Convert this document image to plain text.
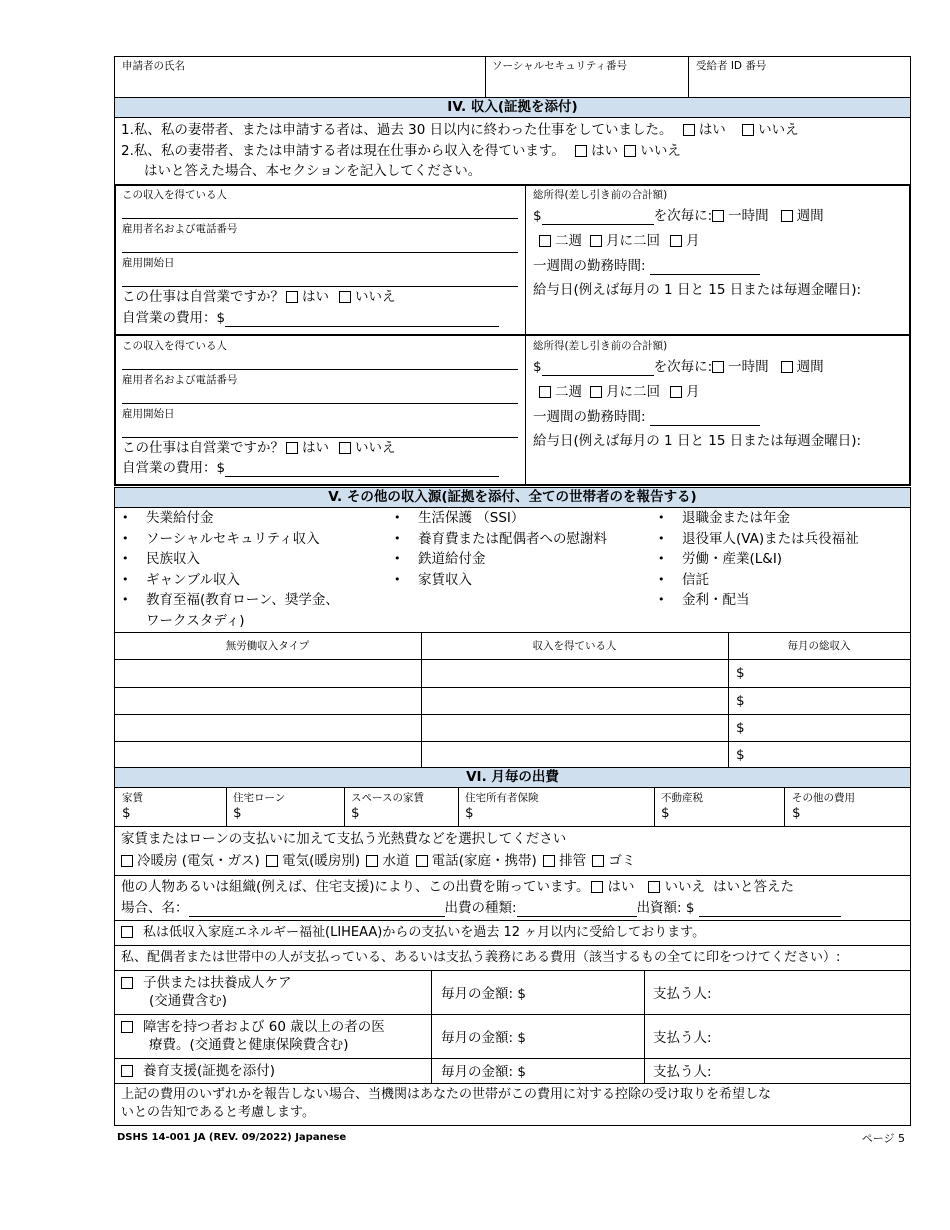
申請者の氏名	ソーシャルセキュリティ番号	受給者 ID 番号
IV. 収入(証拠を添付)
1.私、私の妻帯者、または申請する者は、過去 30 日以内に終わった仕事をしていました。 はい いいえ
2.私、私の妻帯者、または申請する者は現在仕事から収入を得ています。 はい いいえ
はいと答えた場合、本セクションを記入してください。
この収入を得ている人
雇用者名および電話番号
雇用開始日
この仕事は自営業ですか？ はい いいえ
自営業の費用：$
総所得(差し引き前の合計額)
$	を次毎に: 一時間 週間
二週 月に二回 月
一週間の勤務時間:
給与日(例えば毎月の 1 日と 15 日または毎週金曜日):
この収入を得ている人
雇用者名および電話番号
雇用開始日
この仕事は自営業ですか？ はい いいえ
自営業の費用：$
総所得(差し引き前の合計額)
$	を次毎に: 一時間 週間
二週 月に二回 月
一週間の勤務時間:
給与日(例えば毎月の 1 日と 15 日または毎週金曜日):
V. その他の収入源(証拠を添付、全ての世帯者のを報告する)
• 失業給付金
• ソーシャルセキュリティ収入
• 民族収入
• ギャンブル収入
• 教育至福(教育ローン、奨学金、
ワークスタディ)
• 生活保護 （SSI）
• 養育費または配偶者への慰謝料
• 鉄道給付金
• 家賃収入
• 退職金または年金
• 退役軍人(VA)または兵役福祉
• 労働・産業(L&I)
• 信託
• 金利・配当
無労働収入タイプ	収入を得ている人	毎月の総収入
$
$
$
$
VI. 月毎の出費
家賃	住宅ローン	スペースの家賃	住宅所有者保険	不動産税	その他の費用
$	$	$	$	$	$
家賃またはローンの支払いに加えて支払う光熱費などを選択してください
冷暖房 (電気・ガス) 電気(暖房別) 水道 電話(家庭・携帯) 排管 ゴミ
他の人物あるいは組織(例えば、住宅支援)により、この出費を賄っています。 はい いいえ はいと答えた
場合、名：	出費の種類:	出資額: $
私は低収入家庭エネルギー福祉(LIHEAA)からの支払いを過去 12 ヶ月以内に受給しております。
私、配偶者または世帯中の人が支払っている、あるいは支払う義務にある費用（該当するもの全てに印をつけてください）:
子供または扶養成人ケア
(交通費含む)	毎月の金額: $	支払う人:
障害を持つ者および 60 歳以上の者の医
療費。(交通費と健康保険費含む)	毎月の金額: $	支払う人:
養育支援(証拠を添付)	毎月の金額: $	支払う人:
上記の費用のいずれかを報告しない場合、当機関はあなたの世帯がこの費用に対する控除の受け取りを希望しな
いとの告知であると考慮します。
DSHS 14-001 JA (REV. 09/2022) Japanese	ページ 5
